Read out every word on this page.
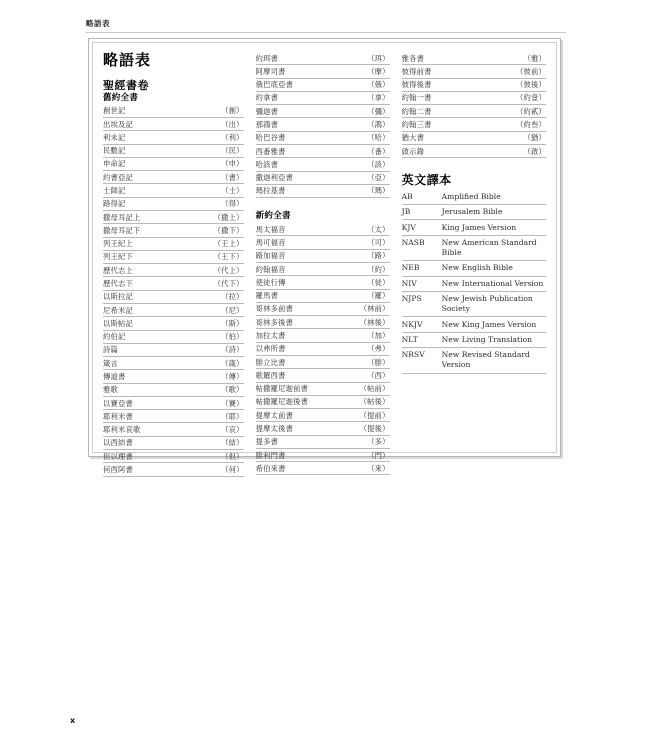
略語表
略語表
聖經書卷
舊約全書
創世記	（創）
出埃及記	（出）
利未記	（利）
民數記	（民）
申命記	（申）
約書亞記	（書）
士師記	（士）
路得記	（得）
撒母耳記上	（撒上）
撒母耳記下	（撒下）
列王紀上	（王上）
列王紀下	（王下）
歷代志上	（代上）
歷代志下	（代下）
以斯拉記	（拉）
尼希米記	（尼）
以斯帖記	（斯）
約伯記	（伯）
詩篇	（詩）
箴言	（箴）
傳道書	（傳）
雅歌	（歌）
以賽亞書	（賽）
耶利米書	（耶）
耶利米哀歌	（哀）
以西結書	（結）
但以理書	（但）
何西阿書	（何）
約珥書	（珥）
阿摩司書	（摩）
俄巴底亞書	（俄）
約拿書	（拿）
彌迦書	（彌）
那鴻書	（鴻）
哈巴谷書	（哈）
西番雅書	（番）
哈該書	（該）
撒迦利亞書	（亞）
瑪拉基書	（瑪）
新約全書
馬太福音	（太）
馬可福音	（可）
路加福音	（路）
約翰福音	（約）
使徒行傳	（徒）
羅馬書	（羅）
哥林多前書	（林前）
哥林多後書	（林後）
加拉太書	（加）
以弗所書	（弗）
腓立比書	（腓）
歌羅西書	（西）
帖撒羅尼迦前書	（帖前）
帖撒羅尼迦後書	（帖後）
提摩太前書	（提前）
提摩太後書	（提後）
提多書	（多）
腓利門書	（門）
希伯來書	（來）
雅各書	（雅）
彼得前書	（彼前）
彼得後書	（彼後）
約翰一書	（約壹）
約翰二書	（約貳）
約翰三書	（約叁）
猶大書	（猶）
啟示錄	（啟）
英文譯本
AB	Amplified Bible
JB	Jerusalem Bible
KJV	King James Version
NASB	New American Standard Bible
NEB	New English Bible
NIV	New International Version
NJPS	New Jewish Publication Society
NKJV	New King James Version
NLT	New Living Translation
NRSV	New Revised Standard Version
x
